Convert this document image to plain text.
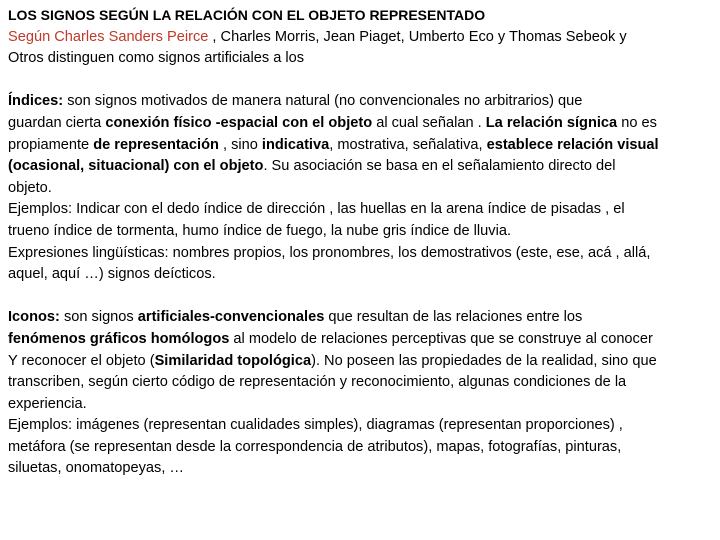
LOS SIGNOS SEGÚN LA RELACIÓN CON EL OBJETO REPRESENTADO
Según Charles Sanders Peirce , Charles Morris, Jean Piaget, Umberto Eco y Thomas Sebeok y
Otros distinguen como signos artificiales a los
Índices: son signos motivados de manera natural (no convencionales no arbitrarios) que
guardan cierta conexión físico -espacial con el objeto al cual señalan . La relación sígnica no es
propiamente de representación , sino indicativa, mostrativa, señalativa, establece relación visual
(ocasional, situacional) con el objeto. Su asociación se basa en el señalamiento directo del
objeto.
Ejemplos: Indicar con el dedo índice de dirección , las huellas en la arena índice de pisadas , el
trueno índice de tormenta, humo índice de fuego, la nube gris índice de lluvia.
Expresiones lingüísticas: nombres propios, los pronombres, los demostrativos (este, ese, acá , allá,
aquel, aquí …) signos deícticos.
Iconos: son signos artificiales-convencionales que resultan de las relaciones entre los
fenómenos gráficos homólogos al modelo de relaciones perceptivas que se construye al conocer
Y reconocer el objeto (Similaridad topológica). No poseen las propiedades de la realidad, sino que
transcriben, según cierto código de representación y reconocimiento, algunas condiciones de la
experiencia.
Ejemplos: imágenes (representan cualidades simples), diagramas (representan proporciones) ,
metáfora (se representan desde la correspondencia de atributos), mapas, fotografías, pinturas,
siluetas, onomatopeyas, …
